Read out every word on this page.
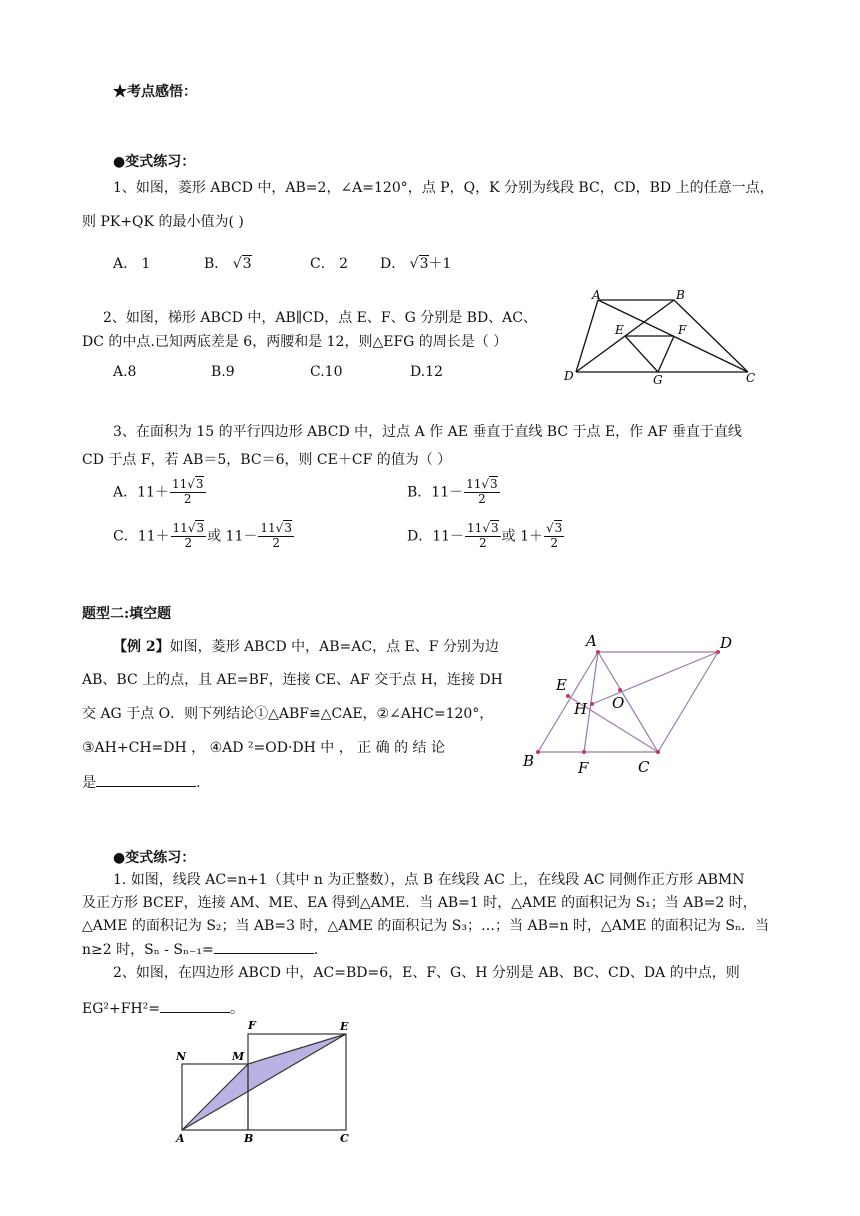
★考点感悟：
●变式练习：
1、如图，菱形 ABCD 中，AB=2，∠A=120°，点 P，Q，K 分别为线段 BC，CD，BD 上的任意一点，
则 PK+QK 的最小值为( )
A． 1	B． √3	C． 2 D． √3＋1
2、如图，梯形 ABCD 中，AB∥CD，点 E、F、G 分别是 BD、AC、
DC 的中点.已知两底差是 6，两腰和是 12，则△EFG 的周长是（ ）
A.8	B.9	C.10	D.12
A	B
E	F
D	G	C
3、在面积为 15 的平行四边形 ABCD 中，过点 A 作 AE 垂直于直线 BC 于点 E，作 AF 垂直于直线
CD 于点 F，若 AB＝5，BC＝6，则 CE＋CF 的值为（ ）
A．$11+ \frac{11√3}{2}$	B．$11- \frac{11√3}{2}$
C．$11+ \frac{11√3}{2}$ 或 $11- \frac{11√3}{2}$	D．$11- \frac{11√3}{2}$ 或 $1+ \frac{√3}{2}$
题型二:填空题
【例 2】如图，菱形 ABCD 中，AB=AC，点 E、F 分别为边
AB、BC 上的点，且 AE=BF，连接 CE、AF 交于点 H，连接 DH
交 AG 于点 O．则下列结论①△ABF≌△CAE，②∠AHC=120°，
③AH+CH=DH ， ④AD ²=OD·DH 中 ， 正 确 的 结 论
是	.
A	D
E
H O
B	F	C
●变式练习：
1. 如图，线段 AC=n+1（其中 n 为正整数），点 B 在线段 AC 上，在线段 AC 同侧作正方形 ABMN
及正方形 BCEF，连接 AM、ME、EA 得到△AME．当 AB=1 时，△AME 的面积记为 S₁；当 AB=2 时，
△AME 的面积记为 S₂；当 AB=3 时，△AME 的面积记为 S₃；…；当 AB=n 时，△AME 的面积记为 Sₙ．当
n≥2 时，Sₙ - Sₙ₋₁=	.
2、如图，在四边形 ABCD 中，AC=BD=6，E、F、G、H 分别是 AB、BC、CD、DA 的中点，则
EG²+FH²=	。
F	E
N	M
A	B	C
